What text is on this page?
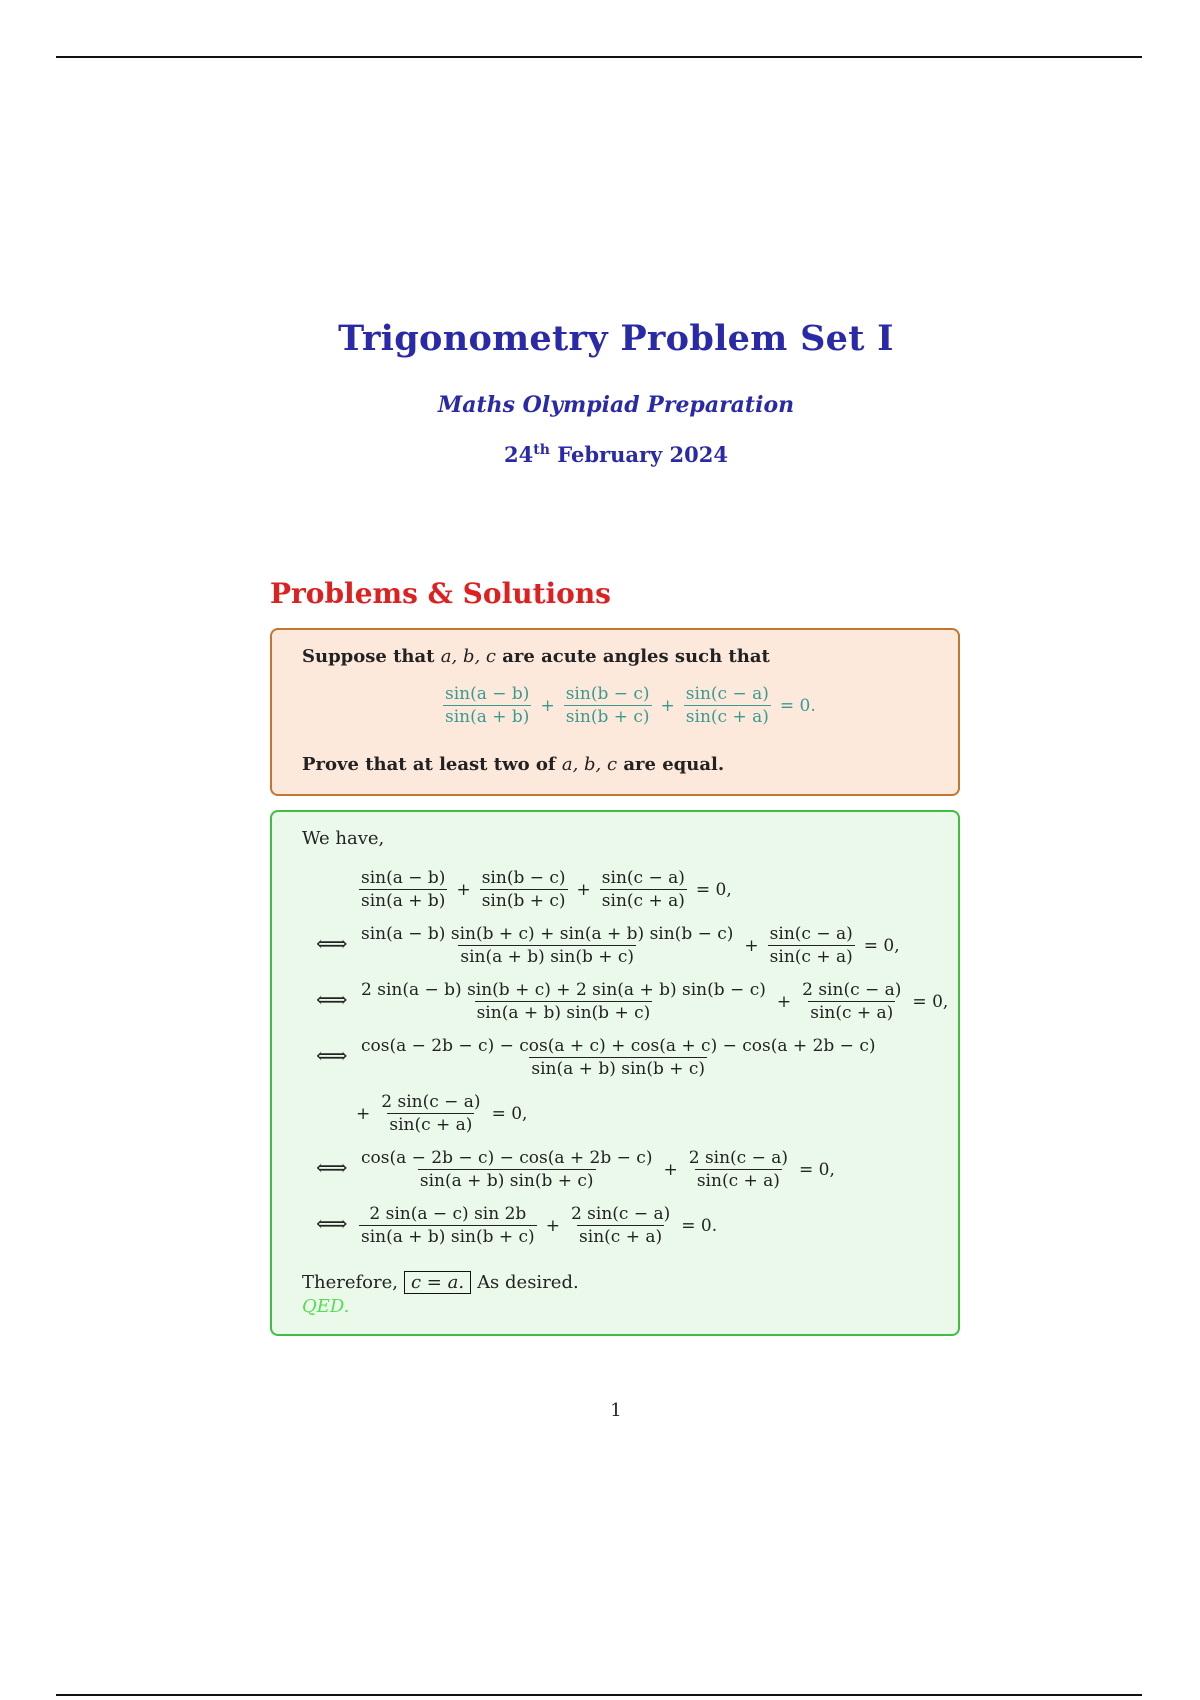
Trigonometry Problem Set I
Maths Olympiad Preparation
24th February 2024
Problems & Solutions
Suppose that a, b, c are acute angles such that
$\frac{\sin(a - b)}{\sin(a + b)} + \frac{\sin(b - c)}{\sin(b + c)} + \frac{\sin(c - a)}{\sin(c + a)} = 0$.
Prove that at least two of a, b, c are equal.
We have,
$\frac{\sin(a - b)}{\sin(a + b)} + \frac{\sin(b - c)}{\sin(b + c)} + \frac{\sin(c - a)}{\sin(c + a)} = 0$,
⟺ $\frac{\sin(a - b) \sin(b + c) + \sin(a + b) \sin(b - c)}{\sin(a + b) \sin(b + c)} + \frac{\sin(c - a)}{\sin(c + a)} = 0$,
⟺ $\frac{2 \sin(a - b) \sin(b + c) + 2 \sin(a + b) \sin(b - c)}{\sin(a + b) \sin(b + c)} + \frac{2 \sin(c - a)}{\sin(c + a)} = 0$,
⟺ $\frac{\cos(a - 2b - c) - \cos(a + c) + \cos(a + c) - \cos(a + 2b - c)}{\sin(a + b) \sin(b + c)}$
+ $\frac{2 \sin(c - a)}{\sin(c + a)} = 0$,
⟺ $\frac{\cos(a - 2b - c) - \cos(a + 2b - c)}{\sin(a + b) \sin(b + c)} + \frac{2 \sin(c - a)}{\sin(c + a)} = 0$,
⟺ $\frac{2 \sin(a - c) \sin 2b}{\sin(a + b) \sin(b + c)} + \frac{2 \sin(c - a)}{\sin(c + a)} = 0$.
Therefore, c = a. As desired.
QED.
1
